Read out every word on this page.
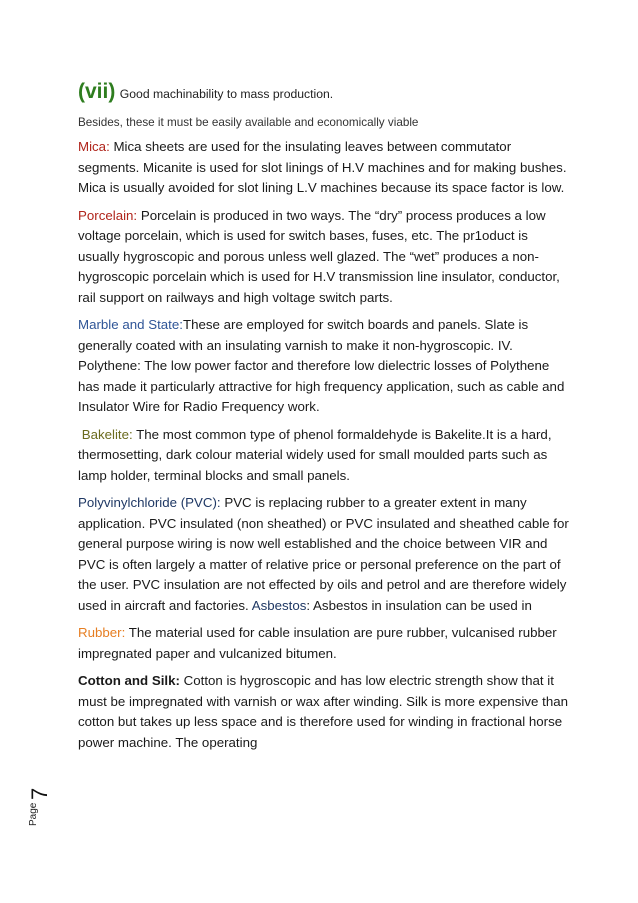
(vii) Good machinability to mass production.

Besides, these it must be easily available and economically viable

Mica: Mica sheets are used for the insulating leaves between commutator segments. Micanite is used for slot linings of H.V machines and for making bushes. Mica is usually avoided for slot lining L.V machines because its space factor is low.

Porcelain: Porcelain is produced in two ways. The “dry” process produces a low voltage porcelain, which is used for switch bases, fuses, etc. The pr1oduct is usually hygroscopic and porous unless well glazed. The “wet” produces a non-hygroscopic porcelain which is used for H.V transmission line insulator, conductor, rail support on railways and high voltage switch parts.

Marble and State:These are employed for switch boards and panels. Slate is generally coated with an insulating varnish to make it non-hygroscopic. IV. Polythene: The low power factor and therefore low dielectric losses of Polythene has made it particularly attractive for high frequency application, such as cable and Insulator Wire for Radio Frequency work.

Bakelite: The most common type of phenol formaldehyde is Bakelite.It is a hard, thermosetting, dark colour material widely used for small moulded parts such as lamp holder, terminal blocks and small panels.

Polyvinylchloride (PVC): PVC is replacing rubber to a greater extent in many application. PVC insulated (non sheathed) or PVC insulated and sheathed cable for general purpose wiring is now well established and the choice between VIR and PVC is often largely a matter of relative price or personal preference on the part of the user. PVC insulation are not effected by oils and petrol and are therefore widely used in aircraft and factories. Asbestos: Asbestos in insulation can be used in

Rubber: The material used for cable insulation are pure rubber, vulcanised rubber impregnated paper and vulcanized bitumen.

Cotton and Silk: Cotton is hygroscopic and has low electric strength show that it must be impregnated with varnish or wax after winding. Silk is more expensive than cotton but takes up less space and is therefore used for winding in fractional horse power machine. The operating

Page
7
